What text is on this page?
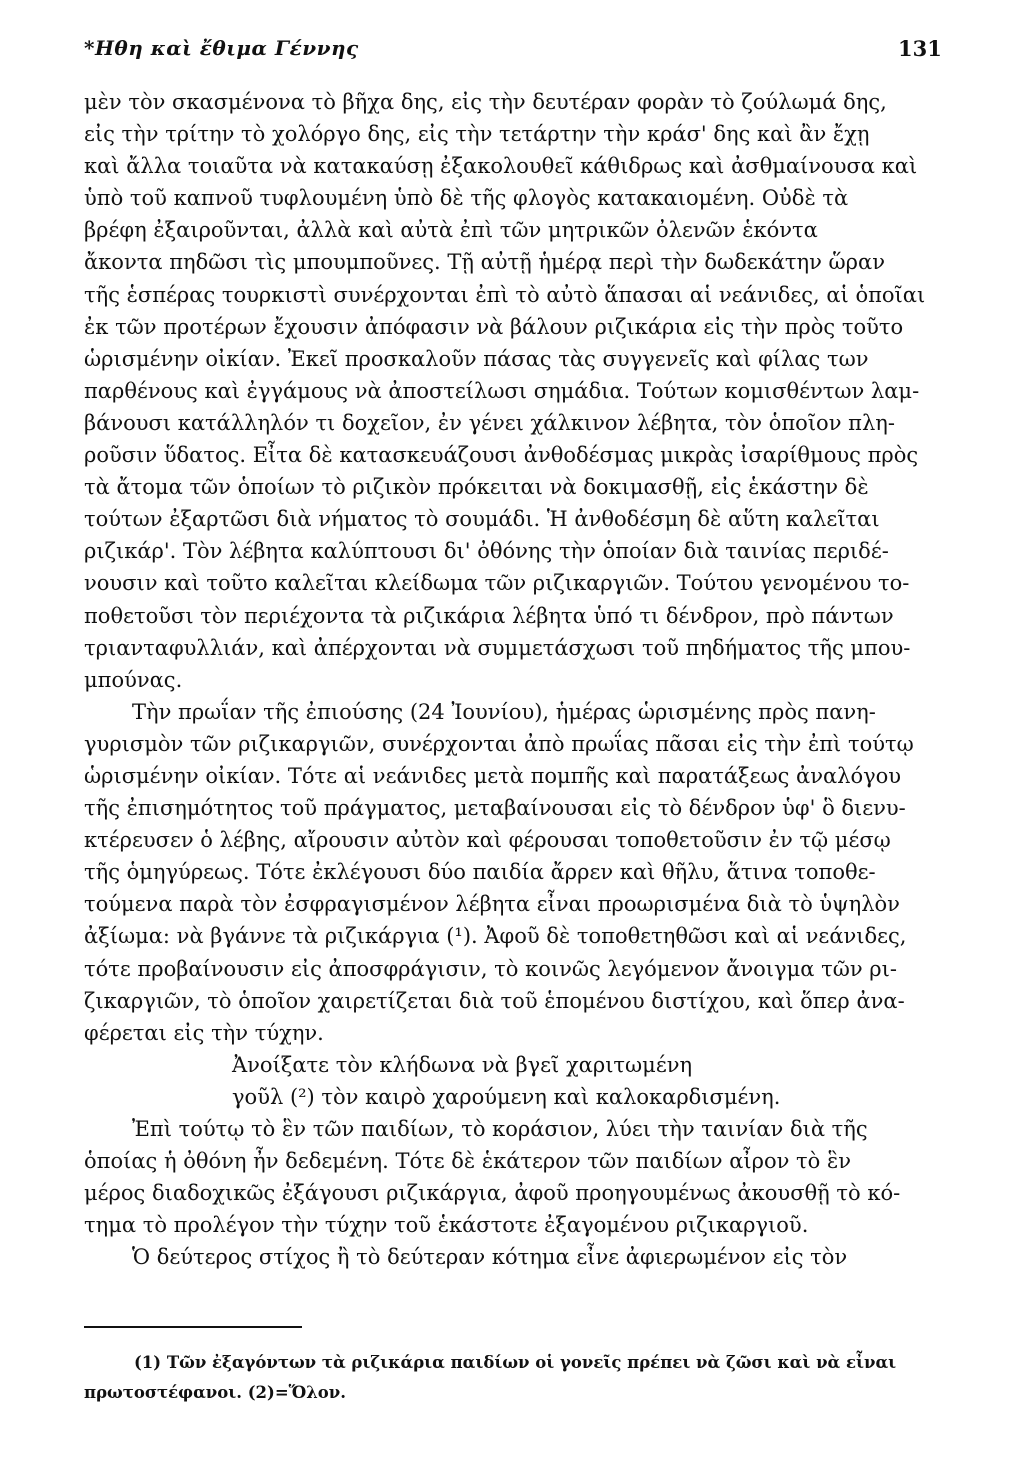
*Ηθη καὶ ἔθιμα Γέννης	131
μὲν τὸν σκασμένονα τὸ βῆχα δης, εἰς τὴν δευτέραν φορὰν τὸ ζούλωμά δης,
εἰς τὴν τρίτην τὸ χολόργο δης, εἰς τὴν τετάρτην τὴν κράσ' δης καὶ ἂν ἔχῃ
καὶ ἄλλα τοιαῦτα νὰ κατακαύσῃ ἐξακολουθεῖ κάθιδρως καὶ ἀσθμαίνουσα καὶ
ὑπὸ τοῦ καπνοῦ τυφλουμένη ὑπὸ δὲ τῆς φλογὸς κατακαιομένη. Οὐδὲ τὰ
βρέφη ἐξαιροῦνται, ἀλλὰ καὶ αὐτὰ ἐπὶ τῶν μητρικῶν ὀλενῶν ἑκόντα
ἄκοντα πηδῶσι τὶς μπουμποῦνες. Τῇ αὐτῇ ἡμέρᾳ περὶ τὴν δωδεκάτην ὥραν
τῆς ἑσπέρας τουρκιστὶ συνέρχονται ἐπὶ τὸ αὐτὸ ἅπασαι αἱ νεάνιδες, αἱ ὁποῖαι
ἐκ τῶν προτέρων ἔχουσιν ἀπόφασιν νὰ βάλουν ριζικάρια εἰς τὴν πρὸς τοῦτο
ὡρισμένην οἰκίαν. Ἐκεῖ προσκαλοῦν πάσας τὰς συγγενεῖς καὶ φίλας των
παρθένους καὶ ἐγγάμους νὰ ἀποστείλωσι σημάδια. Τούτων κομισθέντων λαμ-
βάνουσι κατάλληλόν τι δοχεῖον, ἐν γένει χάλκινον λέβητα, τὸν ὁποῖον πλη-
ροῦσιν ὕδατος. Εἶτα δὲ κατασκευάζουσι ἀνθοδέσμας μικρὰς ἰσαρίθμους πρὸς
τὰ ἄτομα τῶν ὁποίων τὸ ριζικὸν πρόκειται νὰ δοκιμασθῇ, εἰς ἑκάστην δὲ
τούτων ἐξαρτῶσι διὰ νήματος τὸ σουμάδι. Ἡ ἀνθοδέσμη δὲ αὕτη καλεῖται
ριζικάρ'. Τὸν λέβητα καλύπτουσι δι' ὀθόνης τὴν ὁποίαν διὰ ταινίας περιδέ-
νουσιν καὶ τοῦτο καλεῖται κλείδωμα τῶν ριζικαργιῶν. Τούτου γενομένου το-
ποθετοῦσι τὸν περιέχοντα τὰ ριζικάρια λέβητα ὑπό τι δένδρον, πρὸ πάντων
τριανταφυλλιάν, καὶ ἀπέρχονται νὰ συμμετάσχωσι τοῦ πηδήματος τῆς μπου-
μπούνας.
Τὴν πρωΐαν τῆς ἐπιούσης (24 Ἰουνίου), ἡμέρας ὡρισμένης πρὸς πανη-
γυρισμὸν τῶν ριζικαργιῶν, συνέρχονται ἀπὸ πρωΐας πᾶσαι εἰς τὴν ἐπὶ τούτῳ
ὡρισμένην οἰκίαν. Τότε αἱ νεάνιδες μετὰ πομπῆς καὶ παρατάξεως ἀναλόγου
τῆς ἐπισημότητος τοῦ πράγματος, μεταβαίνουσαι εἰς τὸ δένδρον ὑφ' ὃ διενυ-
κτέρευσεν ὁ λέβης, αἴρουσιν αὐτὸν καὶ φέρουσαι τοποθετοῦσιν ἐν τῷ μέσῳ
τῆς ὁμηγύρεως. Τότε ἐκλέγουσι δύο παιδία ἄρρεν καὶ θῆλυ, ἅτινα τοποθε-
τούμενα παρὰ τὸν ἐσφραγισμένον λέβητα εἶναι προωρισμένα διὰ τὸ ὑψηλὸν
ἀξίωμα: νὰ βγάννε τὰ ριζικάργια (¹). Ἀφοῦ δὲ τοποθετηθῶσι καὶ αἱ νεάνιδες,
τότε προβαίνουσιν εἰς ἀποσφράγισιν, τὸ κοινῶς λεγόμενον ἄνοιγμα τῶν ρι-
ζικαργιῶν, τὸ ὁποῖον χαιρετίζεται διὰ τοῦ ἑπομένου διστίχου, καὶ ὅπερ ἀνα-
φέρεται εἰς τὴν τύχην.
Ἀνοίξατε τὸν κλήδωνα νὰ βγεῖ χαριτωμένη
γοῦλ (²) τὸν καιρὸ χαρούμενη καὶ καλοκαρδισμένη.
Ἐπὶ τούτῳ τὸ ἓν τῶν παιδίων, τὸ κοράσιον, λύει τὴν ταινίαν διὰ τῆς
ὁποίας ἡ ὀθόνη ἦν δεδεμένη. Τότε δὲ ἑκάτερον τῶν παιδίων αἶρον τὸ ἓν
μέρος διαδοχικῶς ἐξάγουσι ριζικάργια, ἀφοῦ προηγουμένως ἀκουσθῇ τὸ κό-
τημα τὸ προλέγον τὴν τύχην τοῦ ἑκάστοτε ἐξαγομένου ριζικαργιοῦ.
Ὁ δεύτερος στίχος ἢ τὸ δεύτεραν κότημα εἶνε ἀφιερωμένον εἰς τὸν
(1) Τῶν ἐξαγόντων τὰ ριζικάρια παιδίων οἱ γονεῖς πρέπει νὰ ζῶσι καὶ νὰ εἶναι
πρωτοστέφανοι. (2)=Ὅλον.
